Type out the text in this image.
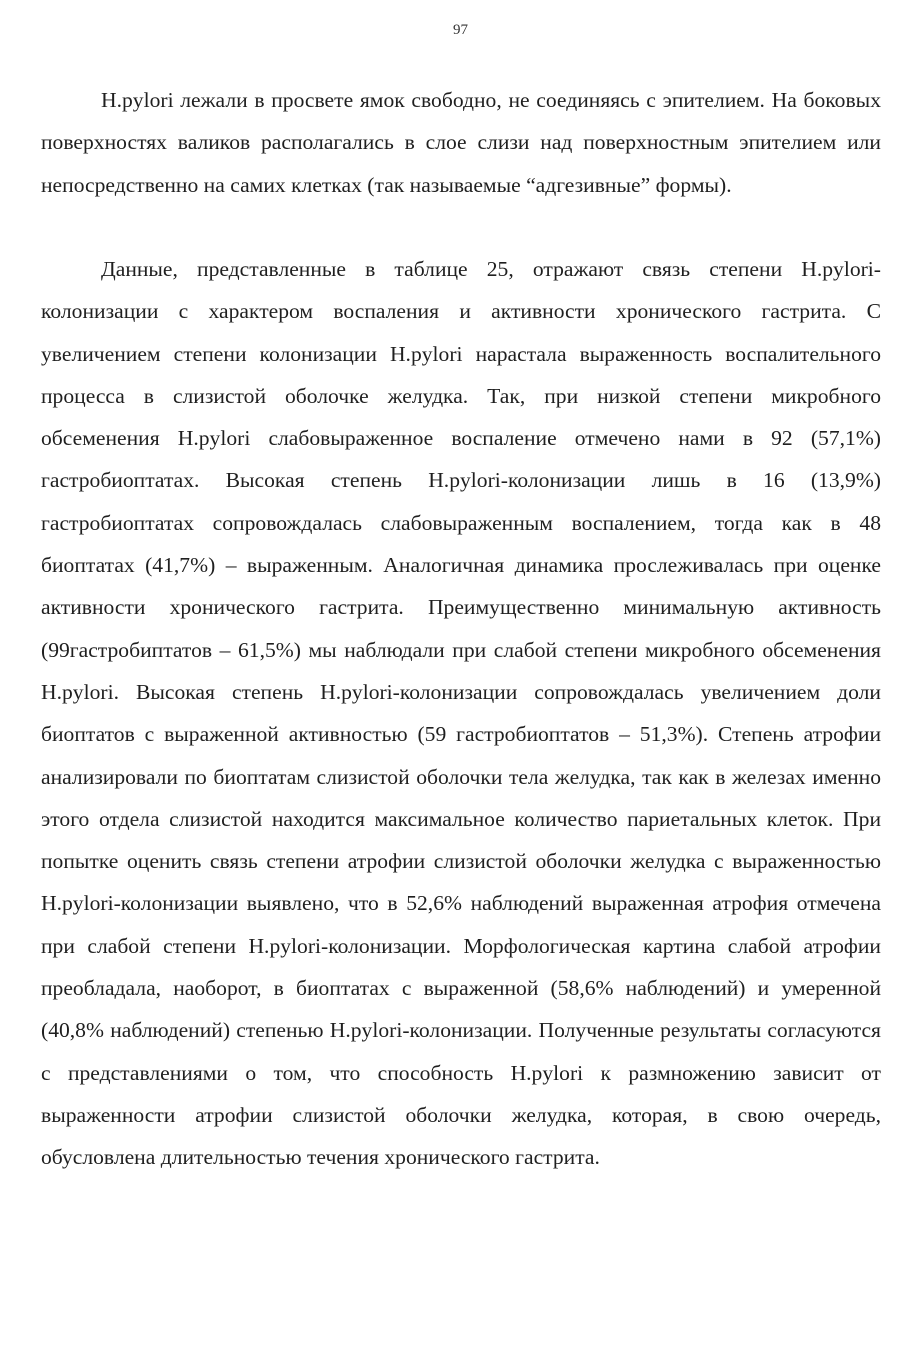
97

H.pylori лежали в просвете ямок свободно, не соединяясь с эпителием. На боковых поверхностях валиков располагались в слое слизи над поверхностным эпителием или непосредственно на самих клетках (так называемые “адгезивные” формы).

Данные, представленные в таблице 25, отражают связь степени H.pylori-колонизации с характером воспаления и активности хронического гастрита. С увеличением степени колонизации H.pylori нарастала выраженность воспалительного процесса в слизистой оболочке желудка. Так, при низкой степени микробного обсеменения H.pylori слабовыраженное воспаление отмечено нами в 92 (57,1%) гастробиоптатах. Высокая степень H.pylori-колонизации лишь в 16 (13,9%) гастробиоптатах сопровождалась слабовыраженным воспалением, тогда как в 48 биоптатах (41,7%) – выраженным. Аналогичная динамика прослеживалась при оценке активности хронического гастрита. Преимущественно минимальную активность (99гастробиптатов – 61,5%) мы наблюдали при слабой степени микробного обсеменения H.pylori. Высокая степень H.pylori-колонизации сопровождалась увеличением доли биоптатов с выраженной активностью (59 гастробиоптатов – 51,3%). Степень атрофии анализировали по биоптатам слизистой оболочки тела желудка, так как в железах именно этого отдела слизистой находится максимальное количество париетальных клеток. При попытке оценить связь степени атрофии слизистой оболочки желудка с выраженностью H.pylori-колонизации выявлено, что в 52,6% наблюдений выраженная атрофия отмечена при слабой степени H.pylori-колонизации. Морфологическая картина слабой атрофии преобладала, наоборот, в биоптатах с выраженной (58,6% наблюдений) и умеренной (40,8% наблюдений) степенью H.pylori-колонизации. Полученные результаты согласуются с представлениями о том, что способность H.pylori к размножению зависит от выраженности атрофии слизистой оболочки желудка, которая, в свою очередь, обусловлена длительностью течения хронического гастрита.
